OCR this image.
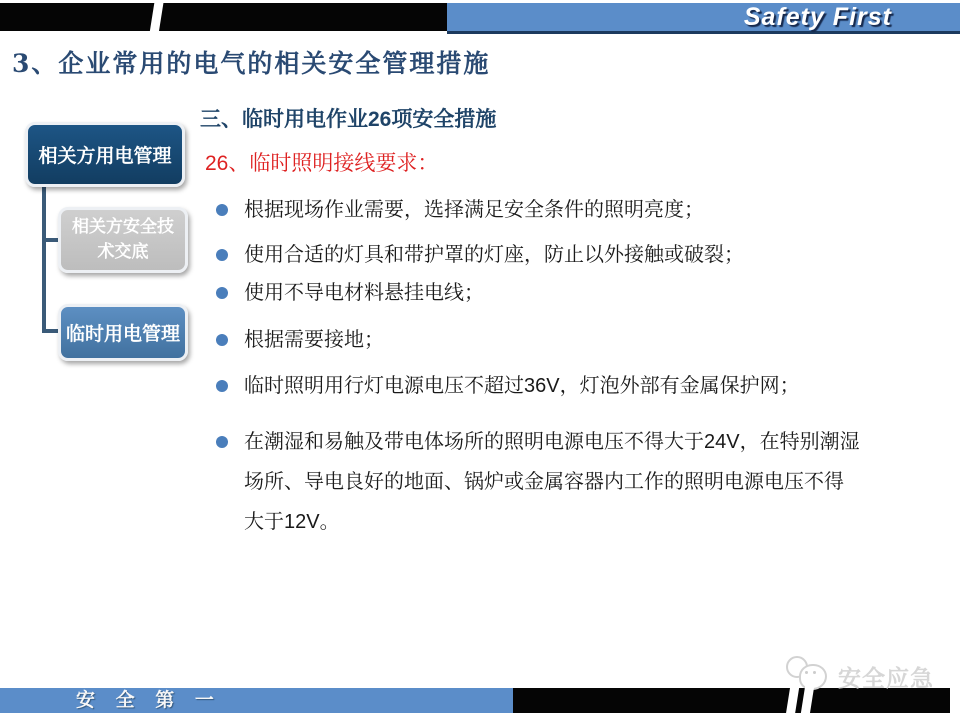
Safety First
3、企业常用的电气的相关安全管理措施
相关方用电管理
相关方安全技术交底
临时用电管理
三、临时用电作业26项安全措施
26、临时照明接线要求：
根据现场作业需要，选择满足安全条件的照明亮度；
使用合适的灯具和带护罩的灯座，防止以外接触或破裂；
使用不导电材料悬挂电线；
根据需要接地；
临时照明用行灯电源电压不超过36V，灯泡外部有金属保护网；
在潮湿和易触及带电体场所的照明电源电压不得大于24V，在特别潮湿场所、导电良好的地面、锅炉或金属容器内工作的照明电源电压不得大于12V。
安全应急
安 全 第 一
